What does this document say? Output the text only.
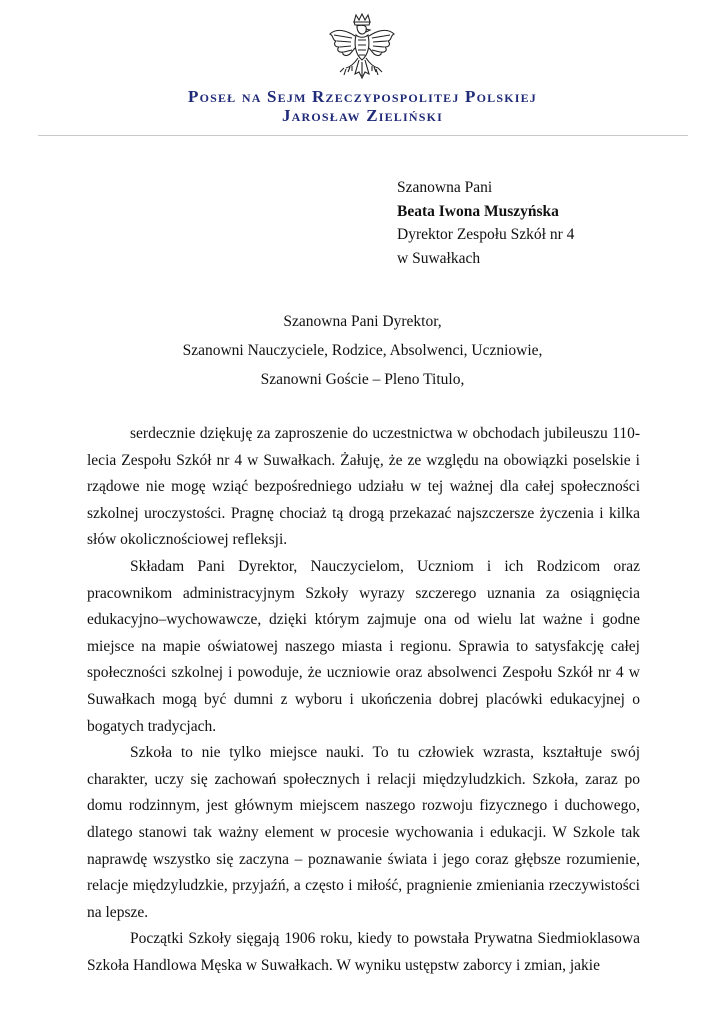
Poseł na Sejm Rzeczypospolitej Polskiej
Jarosław Zieliński
Szanowna Pani
Beata Iwona Muszyńska
Dyrektor Zespołu Szkół nr 4
w Suwałkach
Szanowna Pani Dyrektor,
Szanowni Nauczyciele, Rodzice, Absolwenci, Uczniowie,
Szanowni Goście – Pleno Titulo,

serdecznie dziękuję za zaproszenie do uczestnictwa w obchodach jubileuszu 110-lecia Zespołu Szkół nr 4 w Suwałkach. Żałuję, że ze względu na obowiązki poselskie i rządowe nie mogę wziąć bezpośredniego udziału w tej ważnej dla całej społeczności szkolnej uroczystości. Pragnę chociaż tą drogą przekazać najszczersze życzenia i kilka słów okolicznościowej refleksji.

Składam Pani Dyrektor, Nauczycielom, Uczniom i ich Rodzicom oraz pracownikom administracyjnym Szkoły wyrazy szczerego uznania za osiągnięcia edukacyjno–wychowawcze, dzięki którym zajmuje ona od wielu lat ważne i godne miejsce na mapie oświatowej naszego miasta i regionu. Sprawia to satysfakcję całej społeczności szkolnej i powoduje, że uczniowie oraz absolwenci Zespołu Szkół nr 4 w Suwałkach mogą być dumni z wyboru i ukończenia dobrej placówki edukacyjnej o bogatych tradycjach.

Szkoła to nie tylko miejsce nauki. To tu człowiek wzrasta, kształtuje swój charakter, uczy się zachowań społecznych i relacji międzyludzkich. Szkoła, zaraz po domu rodzinnym, jest głównym miejscem naszego rozwoju fizycznego i duchowego, dlatego stanowi tak ważny element w procesie wychowania i edukacji. W Szkole tak naprawdę wszystko się zaczyna – poznawanie świata i jego coraz głębsze rozumienie, relacje międzyludzkie, przyjaźń, a często i miłość, pragnienie zmieniania rzeczywistości na lepsze.

Początki Szkoły sięgają 1906 roku, kiedy to powstała Prywatna Siedmioklasowa Szkoła Handlowa Męska w Suwałkach. W wyniku ustępstw zaborcy i zmian, jakie
